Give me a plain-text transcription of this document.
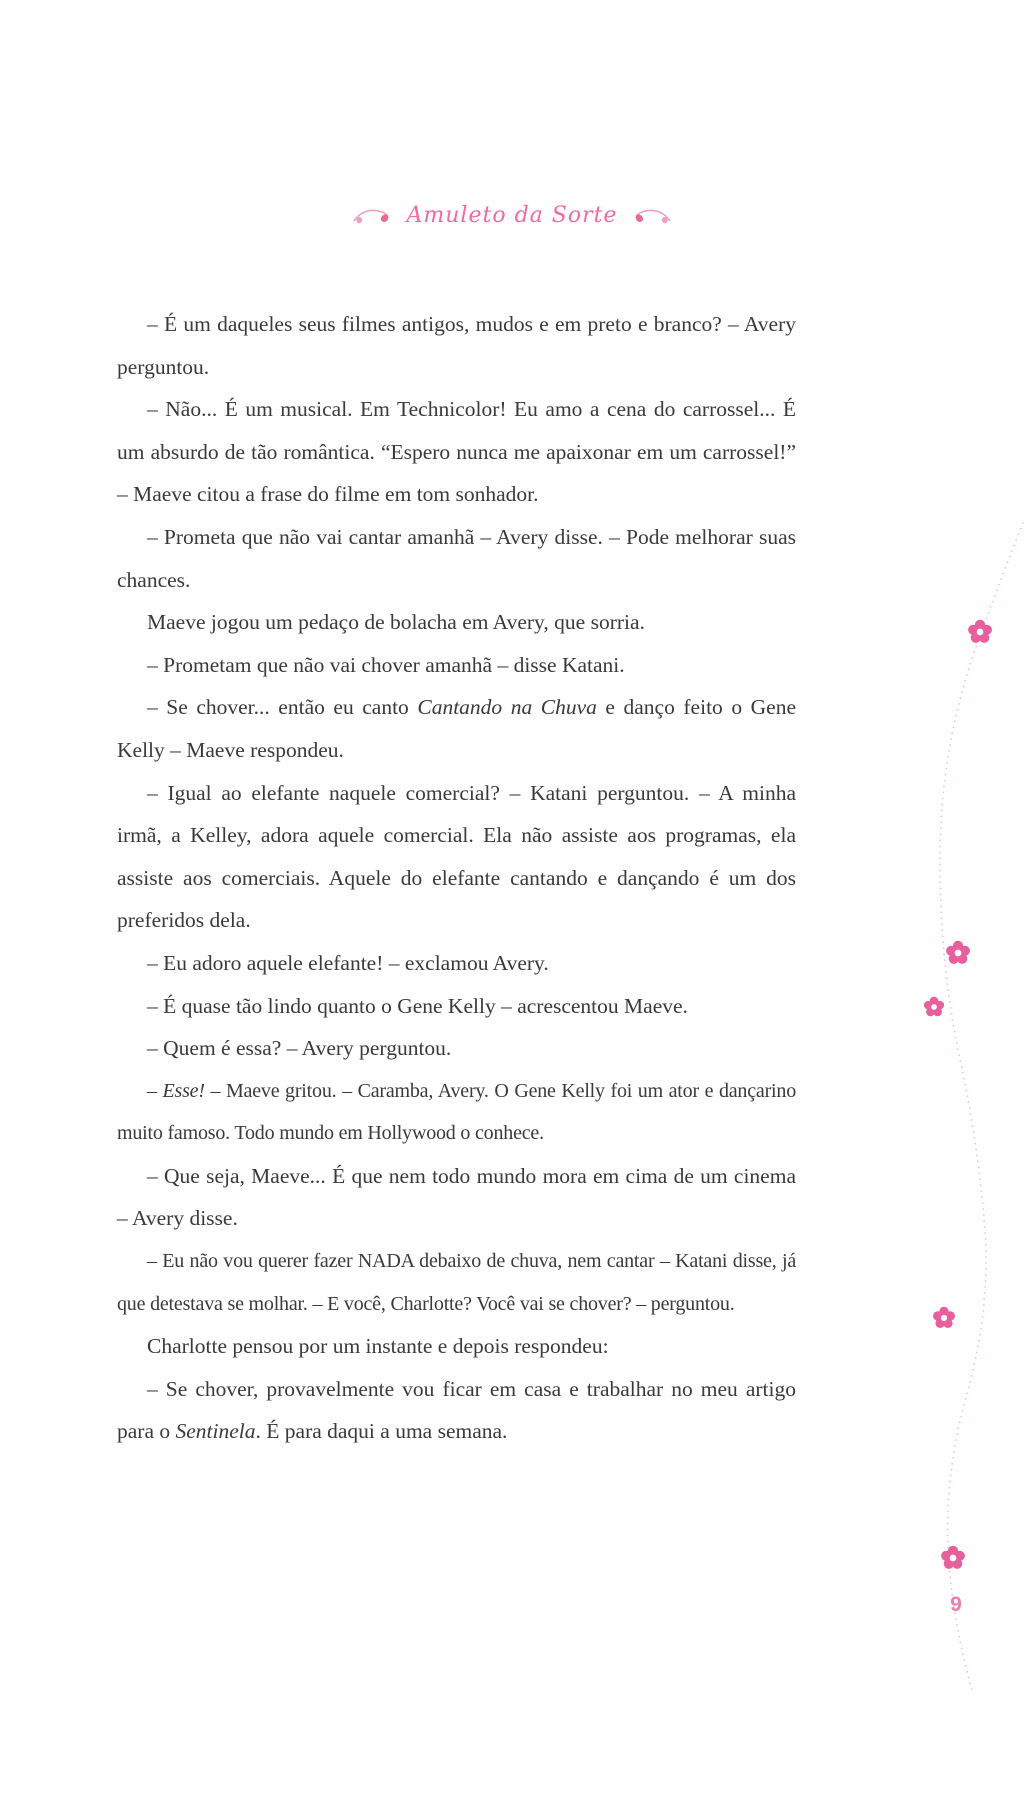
Amuleto da Sorte

– É um daqueles seus filmes antigos, mudos e em preto e branco? – Avery perguntou.

– Não... É um musical. Em Technicolor! Eu amo a cena do carrossel... É um absurdo de tão romântica. “Espero nunca me apaixonar em um carrossel!” – Maeve citou a frase do filme em tom sonhador.

– Prometa que não vai cantar amanhã – Avery disse. – Pode melhorar suas chances.

Maeve jogou um pedaço de bolacha em Avery, que sorria.

– Prometam que não vai chover amanhã – disse Katani.

– Se chover... então eu canto Cantando na Chuva e danço feito o Gene Kelly – Maeve respondeu.

– Igual ao elefante naquele comercial? – Katani perguntou. – A minha irmã, a Kelley, adora aquele comercial. Ela não assiste aos programas, ela assiste aos comerciais. Aquele do elefante cantando e dançando é um dos preferidos dela.

– Eu adoro aquele elefante! – exclamou Avery.

– É quase tão lindo quanto o Gene Kelly – acrescentou Maeve.

– Quem é essa? – Avery perguntou.

– Esse! – Maeve gritou. – Caramba, Avery. O Gene Kelly foi um ator e dançarino muito famoso. Todo mundo em Hollywood o conhece.

– Que seja, Maeve... É que nem todo mundo mora em cima de um cinema – Avery disse.

– Eu não vou querer fazer NADA debaixo de chuva, nem cantar – Katani disse, já que detestava se molhar. – E você, Charlotte? Você vai se chover? – perguntou.

Charlotte pensou por um instante e depois respondeu:

– Se chover, provavelmente vou ficar em casa e trabalhar no meu artigo para o Sentinela. É para daqui a uma semana.

9
